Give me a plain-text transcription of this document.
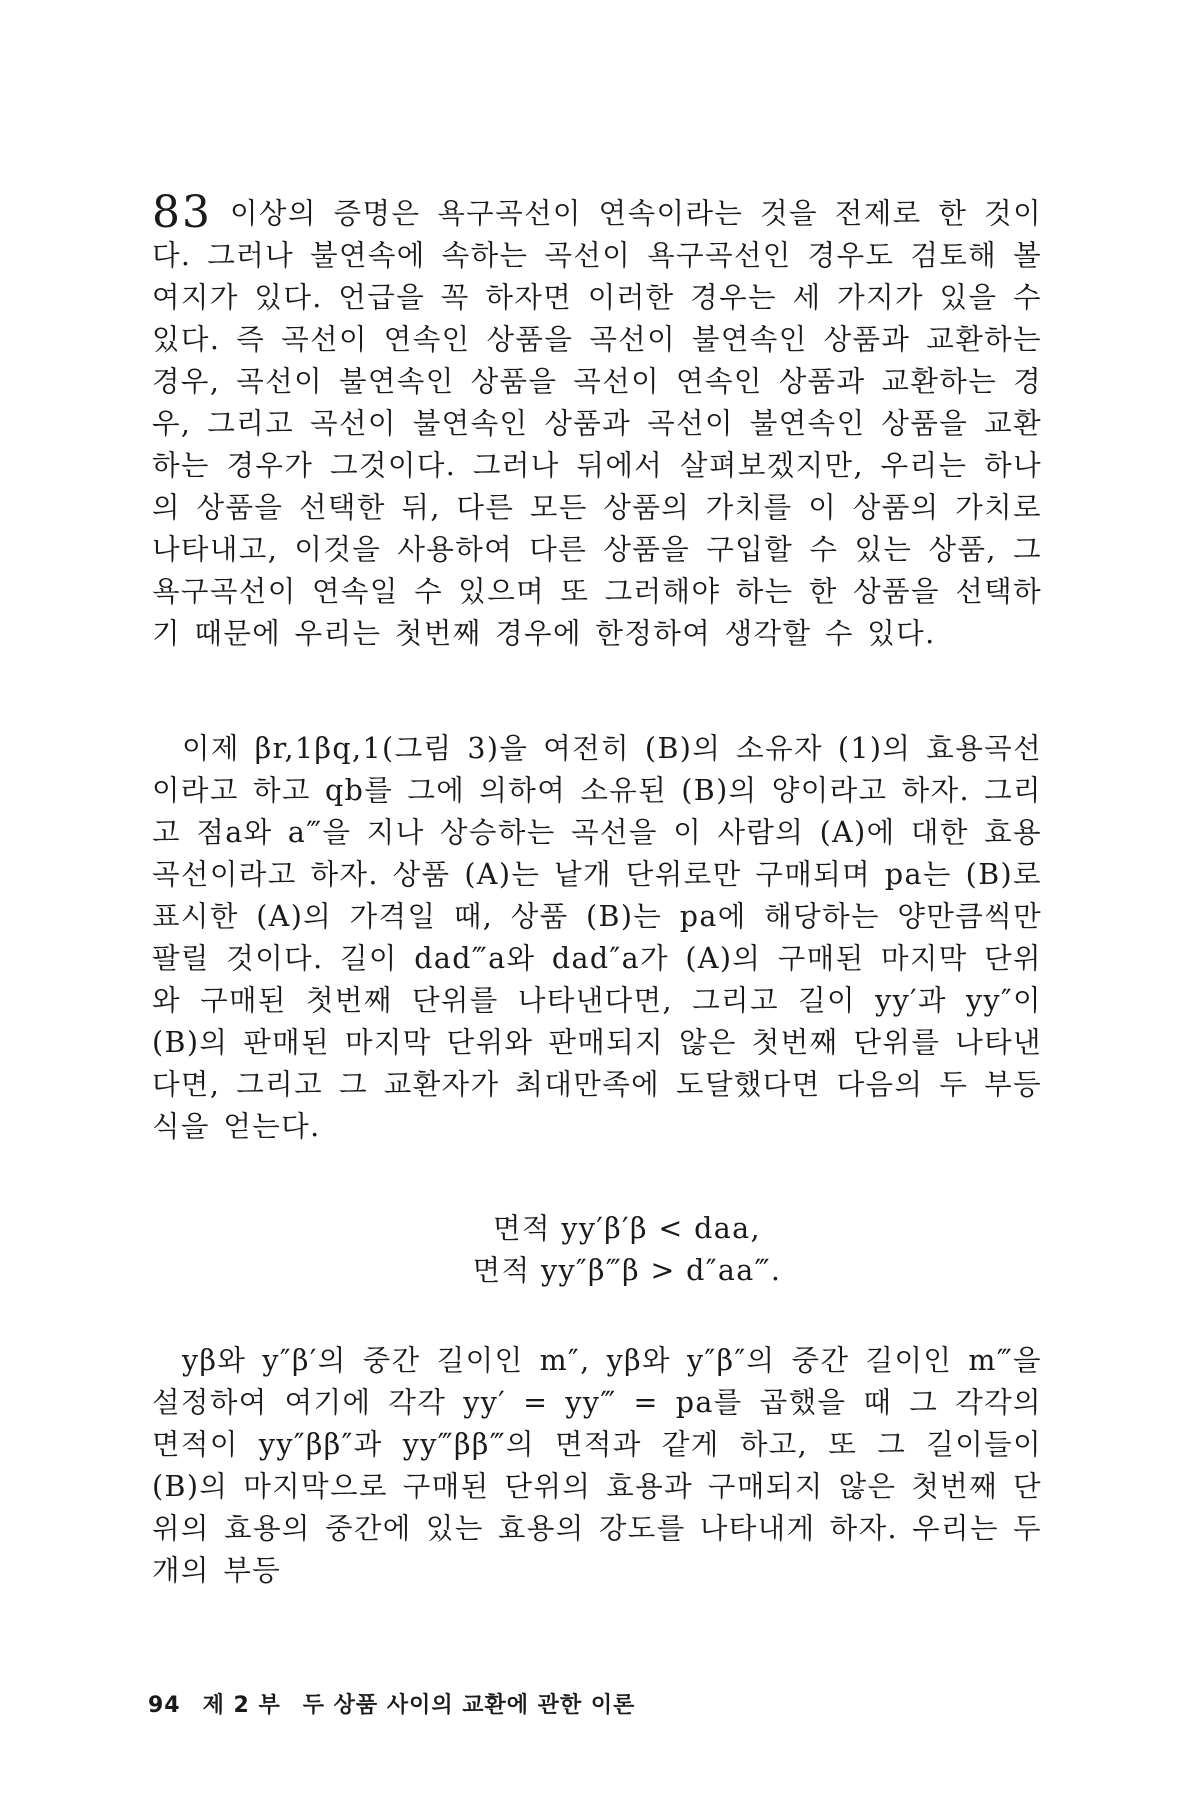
83 이상의 증명은 욕구곡선이 연속이라는 것을 전제로 한 것이다. 그러나 불연속에 속하는 곡선이 욕구곡선인 경우도 검토해 볼 여지가 있다. 언급을 꼭 하자면 이러한 경우는 세 가지가 있을 수 있다. 즉 곡선이 연속인 상품을 곡선이 불연속인 상품과 교환하는 경우, 곡선이 불연속인 상품을 곡선이 연속인 상품과 교환하는 경우, 그리고 곡선이 불연속인 상품과 곡선이 불연속인 상품을 교환하는 경우가 그것이다. 그러나 뒤에서 살펴보겠지만, 우리는 하나의 상품을 선택한 뒤, 다른 모든 상품의 가치를 이 상품의 가치로 나타내고, 이것을 사용하여 다른 상품을 구입할 수 있는 상품, 그 욕구곡선이 연속일 수 있으며 또 그러해야 하는 한 상품을 선택하기 때문에 우리는 첫번째 경우에 한정하여 생각할 수 있다.

이제 βr,1βq,1(그림 3)을 여전히 (B)의 소유자 (1)의 효용곡선이라고 하고 qb를 그에 의하여 소유된 (B)의 양이라고 하자. 그리고 점a와 a‴을 지나 상승하는 곡선을 이 사람의 (A)에 대한 효용곡선이라고 하자. 상품 (A)는 낱개 단위로만 구매되며 pa는 (B)로 표시한 (A)의 가격일 때, 상품 (B)는 pa에 해당하는 양만큼씩만 팔릴 것이다. 길이 dad‴a와 dad″a가 (A)의 구매된 마지막 단위와 구매된 첫번째 단위를 나타낸다면, 그리고 길이 yy′과 yy″이 (B)의 판매된 마지막 단위와 판매되지 않은 첫번째 단위를 나타낸다면, 그리고 그 교환자가 최대만족에 도달했다면 다음의 두 부등식을 얻는다.

면적 yy′β′β < daa,

면적 yy″β‴β > d″aa‴.

yβ와 y″β′의 중간 길이인 m″, yβ와 y″β″의 중간 길이인 m‴을 설정하여 여기에 각각 yy′ = yy‴ = pa를 곱했을 때 그 각각의 면적이 yy″ββ″과 yy‴ββ‴의 면적과 같게 하고, 또 그 길이들이 (B)의 마지막으로 구매된 단위의 효용과 구매되지 않은 첫번째 단위의 효용의 중간에 있는 효용의 강도를 나타내게 하자. 우리는 두 개의 부등

94 제 2 부 두 상품 사이의 교환에 관한 이론
